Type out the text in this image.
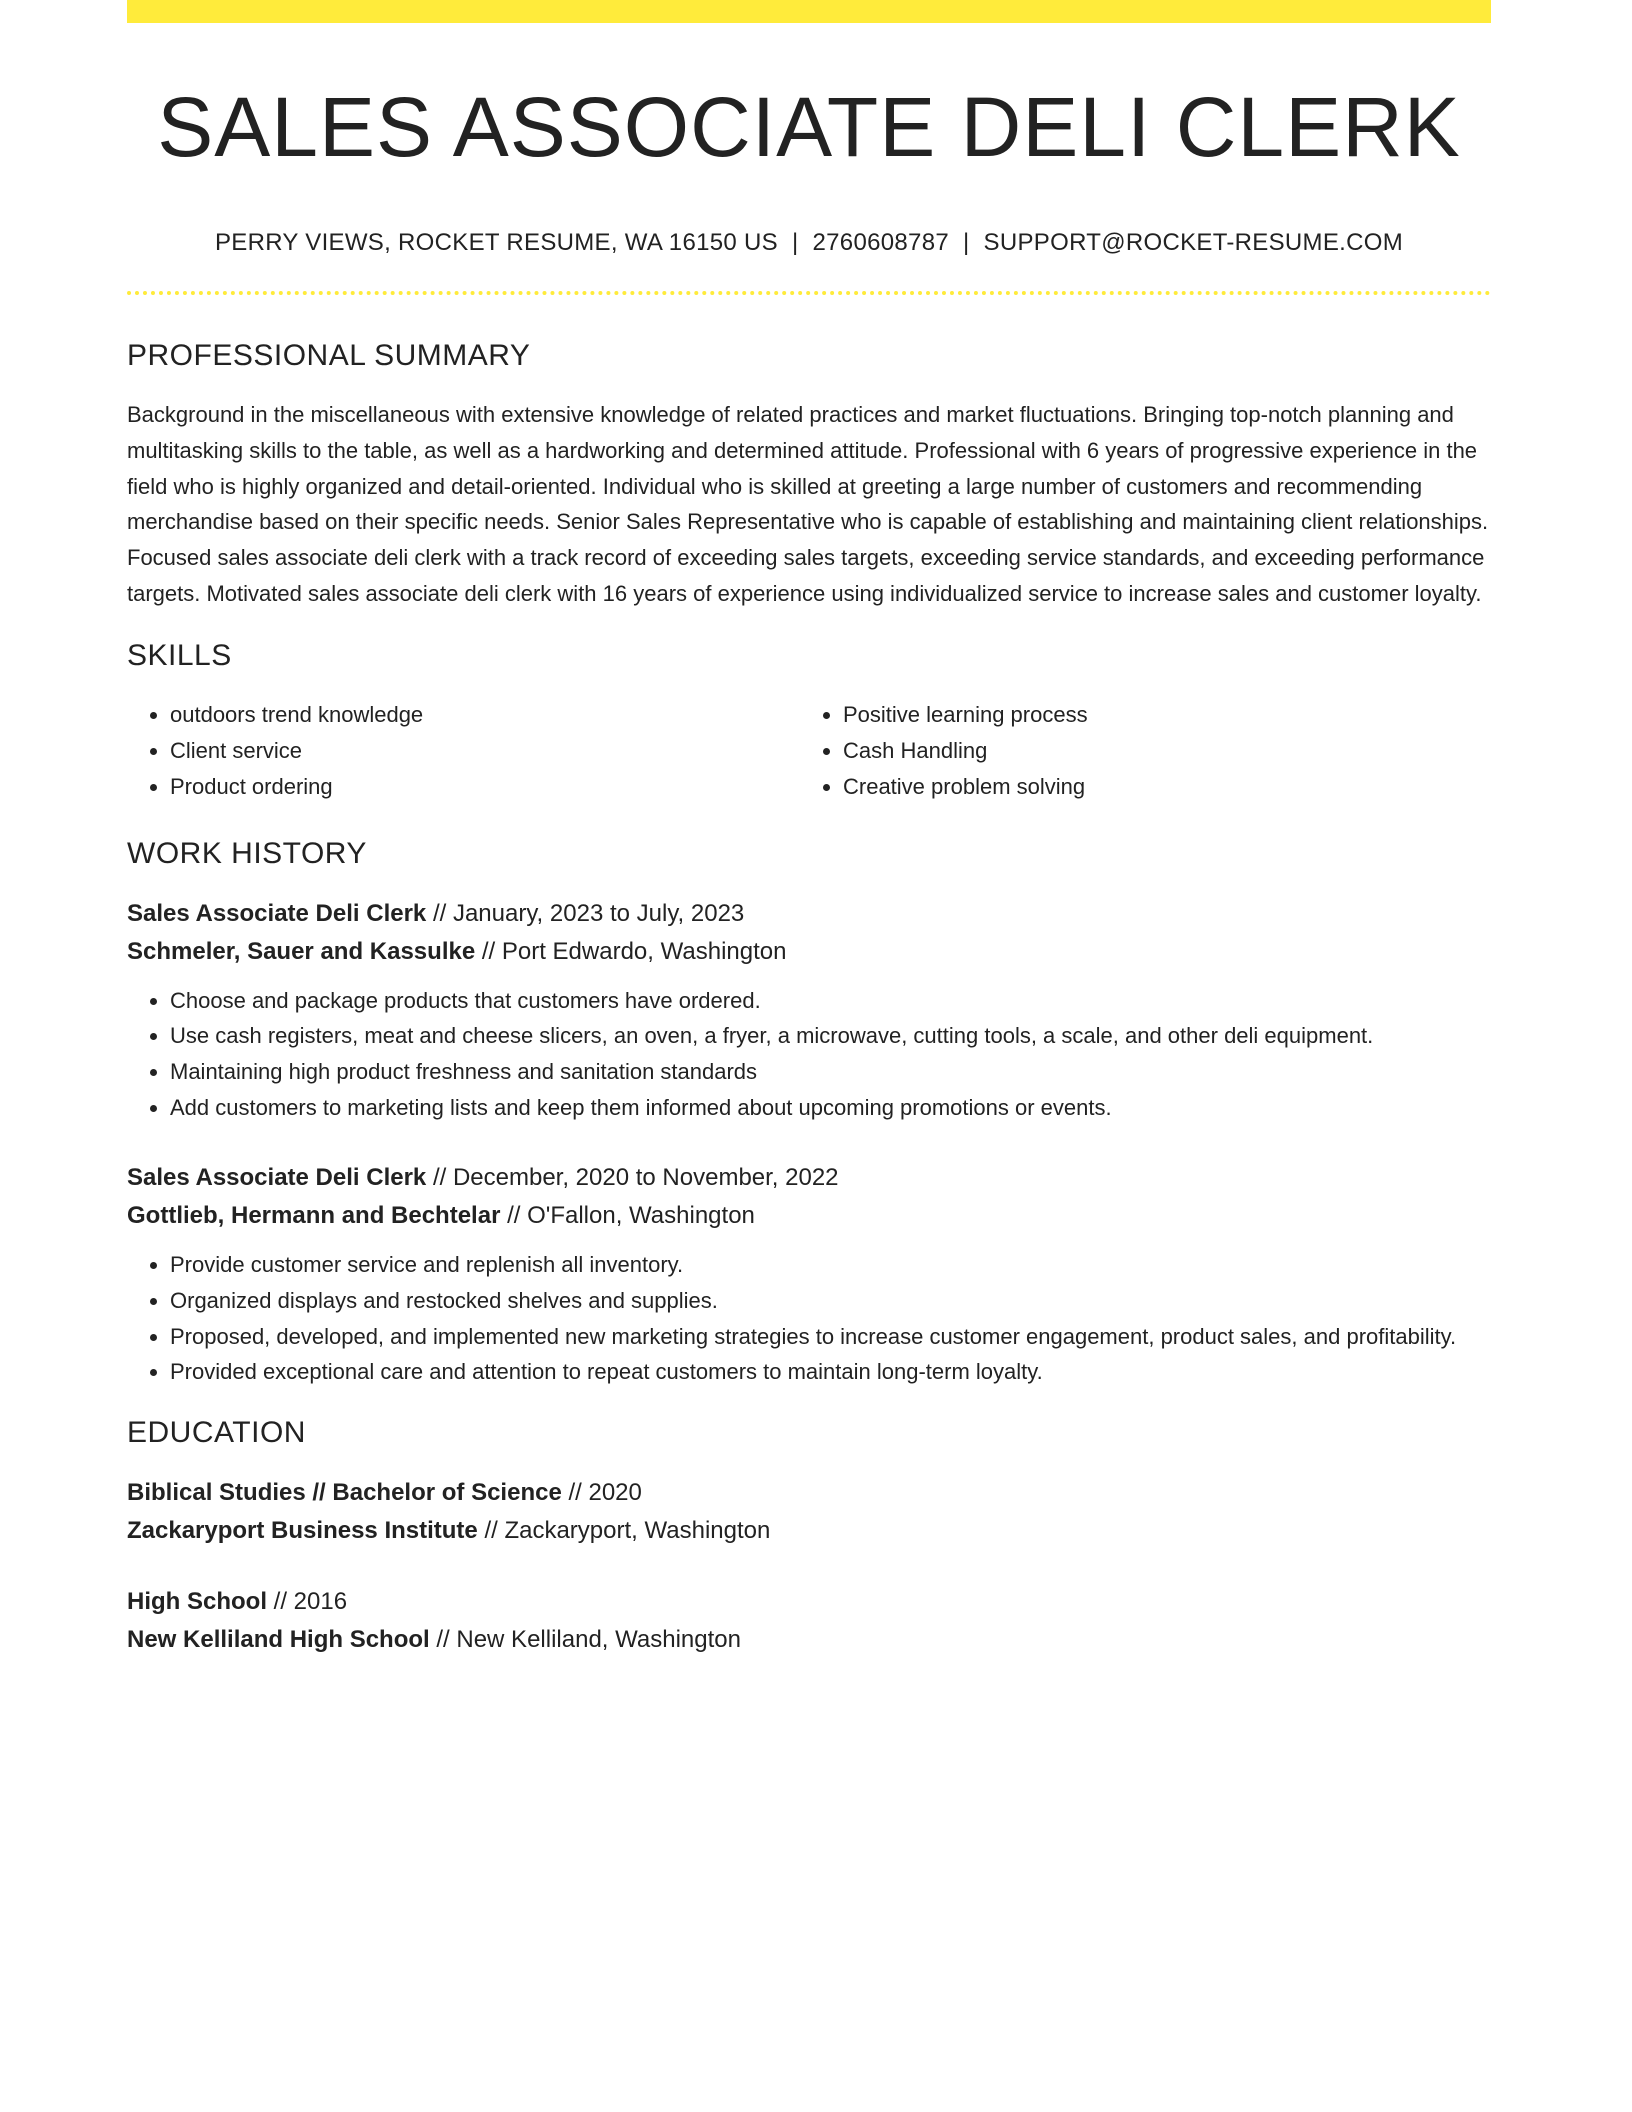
SALES ASSOCIATE DELI CLERK
PERRY VIEWS, ROCKET RESUME, WA 16150 US | 2760608787 | SUPPORT@ROCKET-RESUME.COM
PROFESSIONAL SUMMARY
Background in the miscellaneous with extensive knowledge of related practices and market fluctuations. Bringing top-notch planning and multitasking skills to the table, as well as a hardworking and determined attitude. Professional with 6 years of progressive experience in the field who is highly organized and detail-oriented. Individual who is skilled at greeting a large number of customers and recommending merchandise based on their specific needs. Senior Sales Representative who is capable of establishing and maintaining client relationships. Focused sales associate deli clerk with a track record of exceeding sales targets, exceeding service standards, and exceeding performance targets. Motivated sales associate deli clerk with 16 years of experience using individualized service to increase sales and customer loyalty.
SKILLS
• outdoors trend knowledge
• Client service
• Product ordering
• Positive learning process
• Cash Handling
• Creative problem solving
WORK HISTORY
Sales Associate Deli Clerk // January, 2023 to July, 2023
Schmeler, Sauer and Kassulke // Port Edwardo, Washington
• Choose and package products that customers have ordered.
• Use cash registers, meat and cheese slicers, an oven, a fryer, a microwave, cutting tools, a scale, and other deli equipment.
• Maintaining high product freshness and sanitation standards
• Add customers to marketing lists and keep them informed about upcoming promotions or events.
Sales Associate Deli Clerk // December, 2020 to November, 2022
Gottlieb, Hermann and Bechtelar // O'Fallon, Washington
• Provide customer service and replenish all inventory.
• Organized displays and restocked shelves and supplies.
• Proposed, developed, and implemented new marketing strategies to increase customer engagement, product sales, and profitability.
• Provided exceptional care and attention to repeat customers to maintain long-term loyalty.
EDUCATION
Biblical Studies // Bachelor of Science // 2020
Zackaryport Business Institute // Zackaryport, Washington
High School // 2016
New Kelliland High School // New Kelliland, Washington
